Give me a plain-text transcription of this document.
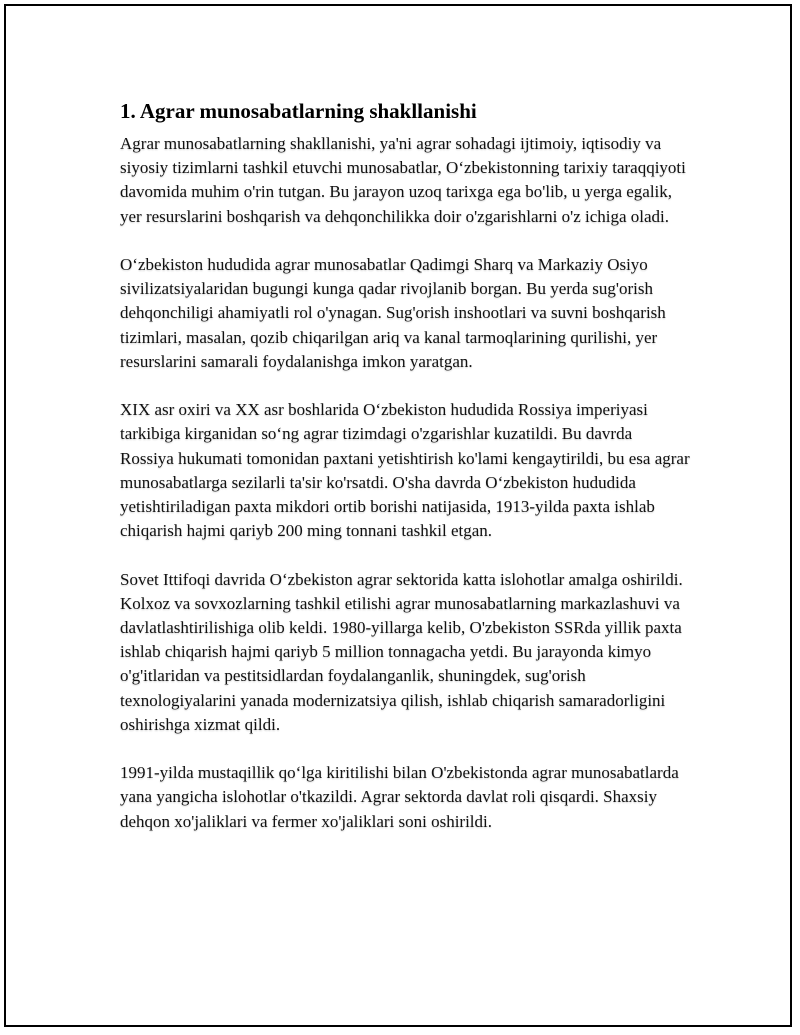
1. Agrar munosabatlarning shakllanishi

Agrar munosabatlarning shakllanishi, ya'ni agrar sohadagi ijtimoiy, iqtisodiy va siyosiy tizimlarni tashkil etuvchi munosabatlar, O‘zbekistonning tarixiy taraqqiyoti davomida muhim o'rin tutgan. Bu jarayon uzoq tarixga ega bo'lib, u yerga egalik, yer resurslarini boshqarish va dehqonchilikka doir o'zgarishlarni o'z ichiga oladi.

O‘zbekiston hududida agrar munosabatlar Qadimgi Sharq va Markaziy Osiyo sivilizatsiyalaridan bugungi kunga qadar rivojlanib borgan. Bu yerda sug'orish dehqonchiligi ahamiyatli rol o'ynagan. Sug'orish inshootlari va suvni boshqarish tizimlari, masalan, qozib chiqarilgan ariq va kanal tarmoqlarining qurilishi, yer resurslarini samarali foydalanishga imkon yaratgan.

XIX asr oxiri va XX asr boshlarida O‘zbekiston hududida Rossiya imperiyasi tarkibiga kirganidan so‘ng agrar tizimdagi o'zgarishlar kuzatildi. Bu davrda Rossiya hukumati tomonidan paxtani yetishtirish ko'lami kengaytirildi, bu esa agrar munosabatlarga sezilarli ta'sir ko'rsatdi. O'sha davrda O‘zbekiston hududida yetishtiriladigan paxta mikdori ortib borishi natijasida, 1913-yilda paxta ishlab chiqarish hajmi qariyb 200 ming tonnani tashkil etgan.

Sovet Ittifoqi davrida O‘zbekiston agrar sektorida katta islohotlar amalga oshirildi. Kolxoz va sovxozlarning tashkil etilishi agrar munosabatlarning markazlashuvi va davlatlashtirilishiga olib keldi. 1980-yillarga kelib, O'zbekiston SSRda yillik paxta ishlab chiqarish hajmi qariyb 5 million tonnagacha yetdi. Bu jarayonda kimyo o'g'itlaridan va pestitsidlardan foydalanganlik, shuningdek, sug'orish texnologiyalarini yanada modernizatsiya qilish, ishlab chiqarish samaradorligini oshirishga xizmat qildi.

1991-yilda mustaqillik qo‘lga kiritilishi bilan O'zbekistonda agrar munosabatlarda yana yangicha islohotlar o'tkazildi. Agrar sektorda davlat roli qisqardi. Shaxsiy dehqon xo'jaliklari va fermer xo'jaliklari soni oshirildi.
